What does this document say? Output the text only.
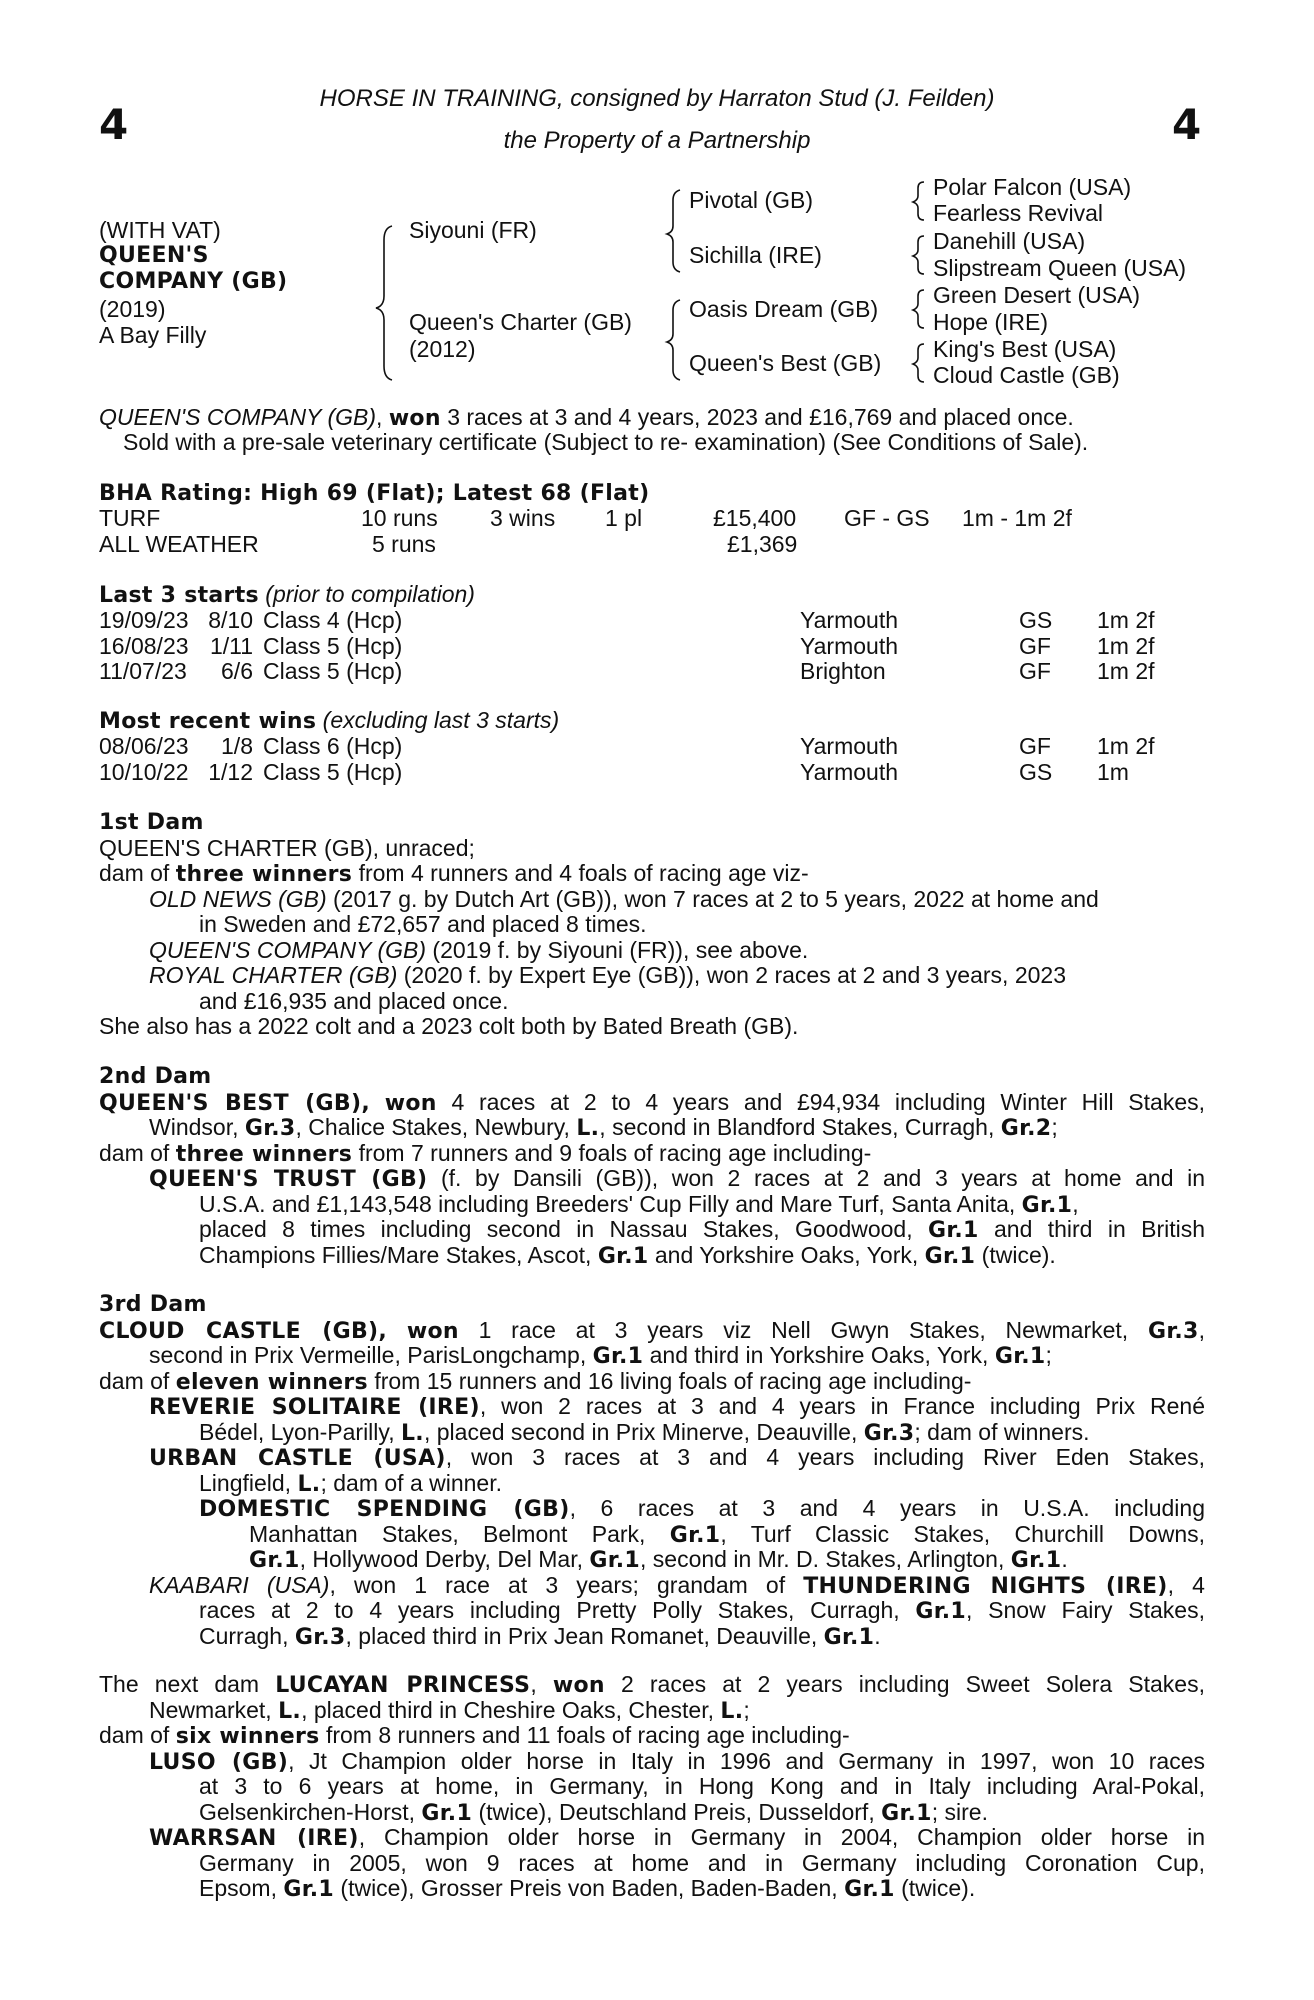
4	4
HORSE IN TRAINING, consigned by Harraton Stud (J. Feilden)
the Property of a Partnership
(WITH VAT)
QUEEN'S
COMPANY (GB)
(2019)
A Bay Filly
Siyouni (FR)
Queen's Charter (GB)
(2012)
Pivotal (GB)
Sichilla (IRE)
Oasis Dream (GB)
Queen's Best (GB)
Polar Falcon (USA)
Fearless Revival
Danehill (USA)
Slipstream Queen (USA)
Green Desert (USA)
Hope (IRE)
King's Best (USA)
Cloud Castle (GB)
QUEEN'S COMPANY (GB), won 3 races at 3 and 4 years, 2023 and £16,769 and placed once.
Sold with a pre-sale veterinary certificate (Subject to re- examination) (See Conditions of Sale).
BHA Rating: High 69 (Flat); Latest 68 (Flat)
TURF	10 runs	3 wins	1 pl	£15,400	GF - GS	1m - 1m 2f
ALL WEATHER	5 runs			£1,369		
Last 3 starts (prior to compilation)
19/09/23	8/10	Class 4 (Hcp)	Yarmouth	GS	1m 2f
16/08/23	1/11	Class 5 (Hcp)	Yarmouth	GF	1m 2f
11/07/23	6/6	Class 5 (Hcp)	Brighton	GF	1m 2f
Most recent wins (excluding last 3 starts)
08/06/23	1/8	Class 6 (Hcp)	Yarmouth	GF	1m 2f
10/10/22	1/12	Class 5 (Hcp)	Yarmouth	GS	1m
1st Dam
QUEEN'S CHARTER (GB), unraced;
dam of three winners from 4 runners and 4 foals of racing age viz-
OLD NEWS (GB) (2017 g. by Dutch Art (GB)), won 7 races at 2 to 5 years, 2022 at home and
in Sweden and £72,657 and placed 8 times.
QUEEN'S COMPANY (GB) (2019 f. by Siyouni (FR)), see above.
ROYAL CHARTER (GB) (2020 f. by Expert Eye (GB)), won 2 races at 2 and 3 years, 2023
and £16,935 and placed once.
She also has a 2022 colt and a 2023 colt both by Bated Breath (GB).
2nd Dam
QUEEN'S BEST (GB), won 4 races at 2 to 4 years and £94,934 including Winter Hill Stakes,
Windsor, Gr.3, Chalice Stakes, Newbury, L., second in Blandford Stakes, Curragh, Gr.2;
dam of three winners from 7 runners and 9 foals of racing age including-
QUEEN'S TRUST (GB) (f. by Dansili (GB)), won 2 races at 2 and 3 years at home and in
U.S.A. and £1,143,548 including Breeders' Cup Filly and Mare Turf, Santa Anita, Gr.1,
placed 8 times including second in Nassau Stakes, Goodwood, Gr.1 and third in British
Champions Fillies/Mare Stakes, Ascot, Gr.1 and Yorkshire Oaks, York, Gr.1 (twice).
3rd Dam
CLOUD CASTLE (GB), won 1 race at 3 years viz Nell Gwyn Stakes, Newmarket, Gr.3,
second in Prix Vermeille, ParisLongchamp, Gr.1 and third in Yorkshire Oaks, York, Gr.1;
dam of eleven winners from 15 runners and 16 living foals of racing age including-
REVERIE SOLITAIRE (IRE), won 2 races at 3 and 4 years in France including Prix René
Bédel, Lyon-Parilly, L., placed second in Prix Minerve, Deauville, Gr.3; dam of winners.
URBAN CASTLE (USA), won 3 races at 3 and 4 years including River Eden Stakes,
Lingfield, L.; dam of a winner.
DOMESTIC SPENDING (GB), 6 races at 3 and 4 years in U.S.A. including
Manhattan Stakes, Belmont Park, Gr.1, Turf Classic Stakes, Churchill Downs,
Gr.1, Hollywood Derby, Del Mar, Gr.1, second in Mr. D. Stakes, Arlington, Gr.1.
KAABARI (USA), won 1 race at 3 years; grandam of THUNDERING NIGHTS (IRE), 4
races at 2 to 4 years including Pretty Polly Stakes, Curragh, Gr.1, Snow Fairy Stakes,
Curragh, Gr.3, placed third in Prix Jean Romanet, Deauville, Gr.1.
The next dam LUCAYAN PRINCESS, won 2 races at 2 years including Sweet Solera Stakes,
Newmarket, L., placed third in Cheshire Oaks, Chester, L.;
dam of six winners from 8 runners and 11 foals of racing age including-
LUSO (GB), Jt Champion older horse in Italy in 1996 and Germany in 1997, won 10 races
at 3 to 6 years at home, in Germany, in Hong Kong and in Italy including Aral-Pokal,
Gelsenkirchen-Horst, Gr.1 (twice), Deutschland Preis, Dusseldorf, Gr.1; sire.
WARRSAN (IRE), Champion older horse in Germany in 2004, Champion older horse in
Germany in 2005, won 9 races at home and in Germany including Coronation Cup,
Epsom, Gr.1 (twice), Grosser Preis von Baden, Baden-Baden, Gr.1 (twice).
